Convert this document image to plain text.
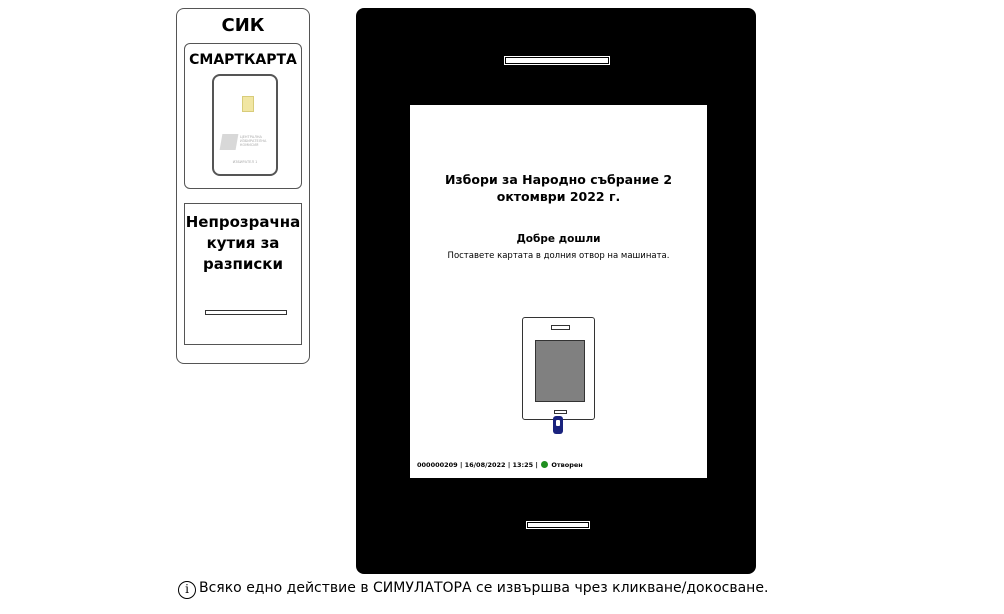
СИК
СМАРТКАРТА
ЦЕНТРАЛНА ИЗБИРАТЕЛНА КОМИСИЯ
ИЗБИРАТЕЛ 1
Непрозрачна кутия за разписки
Избори за Народно събрание 2 октомври 2022 г.
Добре дошли
Поставете картата в долния отвор на машината.
000000209 | 16/08/2022 | 13:25 |  Отворен
i Всяко едно действие в СИМУЛАТОРА се извършва чрез кликване/докосване.
